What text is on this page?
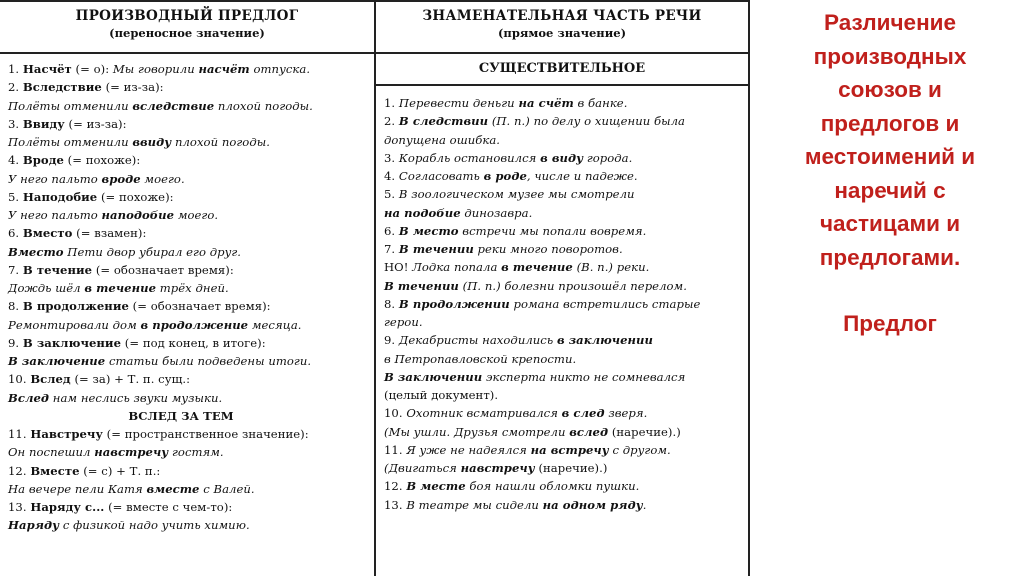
ПРОИЗВОДНЫЙ ПРЕДЛОГ
(переносное значение)
1. Насчёт (= о): Мы говорили насчёт отпуска.
2. Вследствие (= из-за):
Полёты отменили вследствие плохой погоды.
3. Ввиду (= из-за):
Полёты отменили ввиду плохой погоды.
4. Вроде (= похоже):
У него пальто вроде моего.
5. Наподобие (= похоже):
У него пальто наподобие моего.
6. Вместо (= взамен):
Вместо Пети двор убирал его друг.
7. В течение (= обозначает время):
Дождь шёл в течение трёх дней.
8. В продолжение (= обозначает время):
Ремонтировали дом в продолжение месяца.
9. В заключение (= под конец, в итоге):
В заключение статьи были подведены итоги.
10. Вслед (= за) + Т. п. сущ.:
Вслед нам неслись звуки музыки.
ВСЛЕД ЗА ТЕМ
11. Навстречу (= пространственное значение):
Он поспешил навстречу гостям.
12. Вместе (= с) + Т. п.:
На вечере пели Катя вместе с Валей.
13. Наряду с... (= вместе с чем-то):
Наряду с физикой надо учить химию.
ЗНАМЕНАТЕЛЬНАЯ ЧАСТЬ РЕЧИ
(прямое значение)
СУЩЕСТВИТЕЛЬНОЕ
1. Перевести деньги на счёт в банке.
2. В следствии (П. п.) по делу о хищении была
допущена ошибка.
3. Корабль остановился в виду города.
4. Согласовать в роде, числе и падеже.
5. В зоологическом музее мы смотрели
на подобие динозавра.
6. В место встречи мы попали вовремя.
7. В течении реки много поворотов.
НО! Лодка попала в течение (В. п.) реки.
В течении (П. п.) болезни произошёл перелом.
8. В продолжении романа встретились старые
герои.
9. Декабристы находились в заключении
в Петропавловской крепости.
В заключении эксперта никто не сомневался
(целый документ).
10. Охотник всматривался в след зверя.
(Мы ушли. Друзья смотрели вслед (наречие).)
11. Я уже не надеялся на встречу с другом.
(Двигаться навстречу (наречие).)
12. В месте боя нашли обломки пушки.
13. В театре мы сидели на одном ряду.
Различение
производных
союзов и
предлогов и
местоимений и
наречий с
частицами и
предлогами.
Предлог
